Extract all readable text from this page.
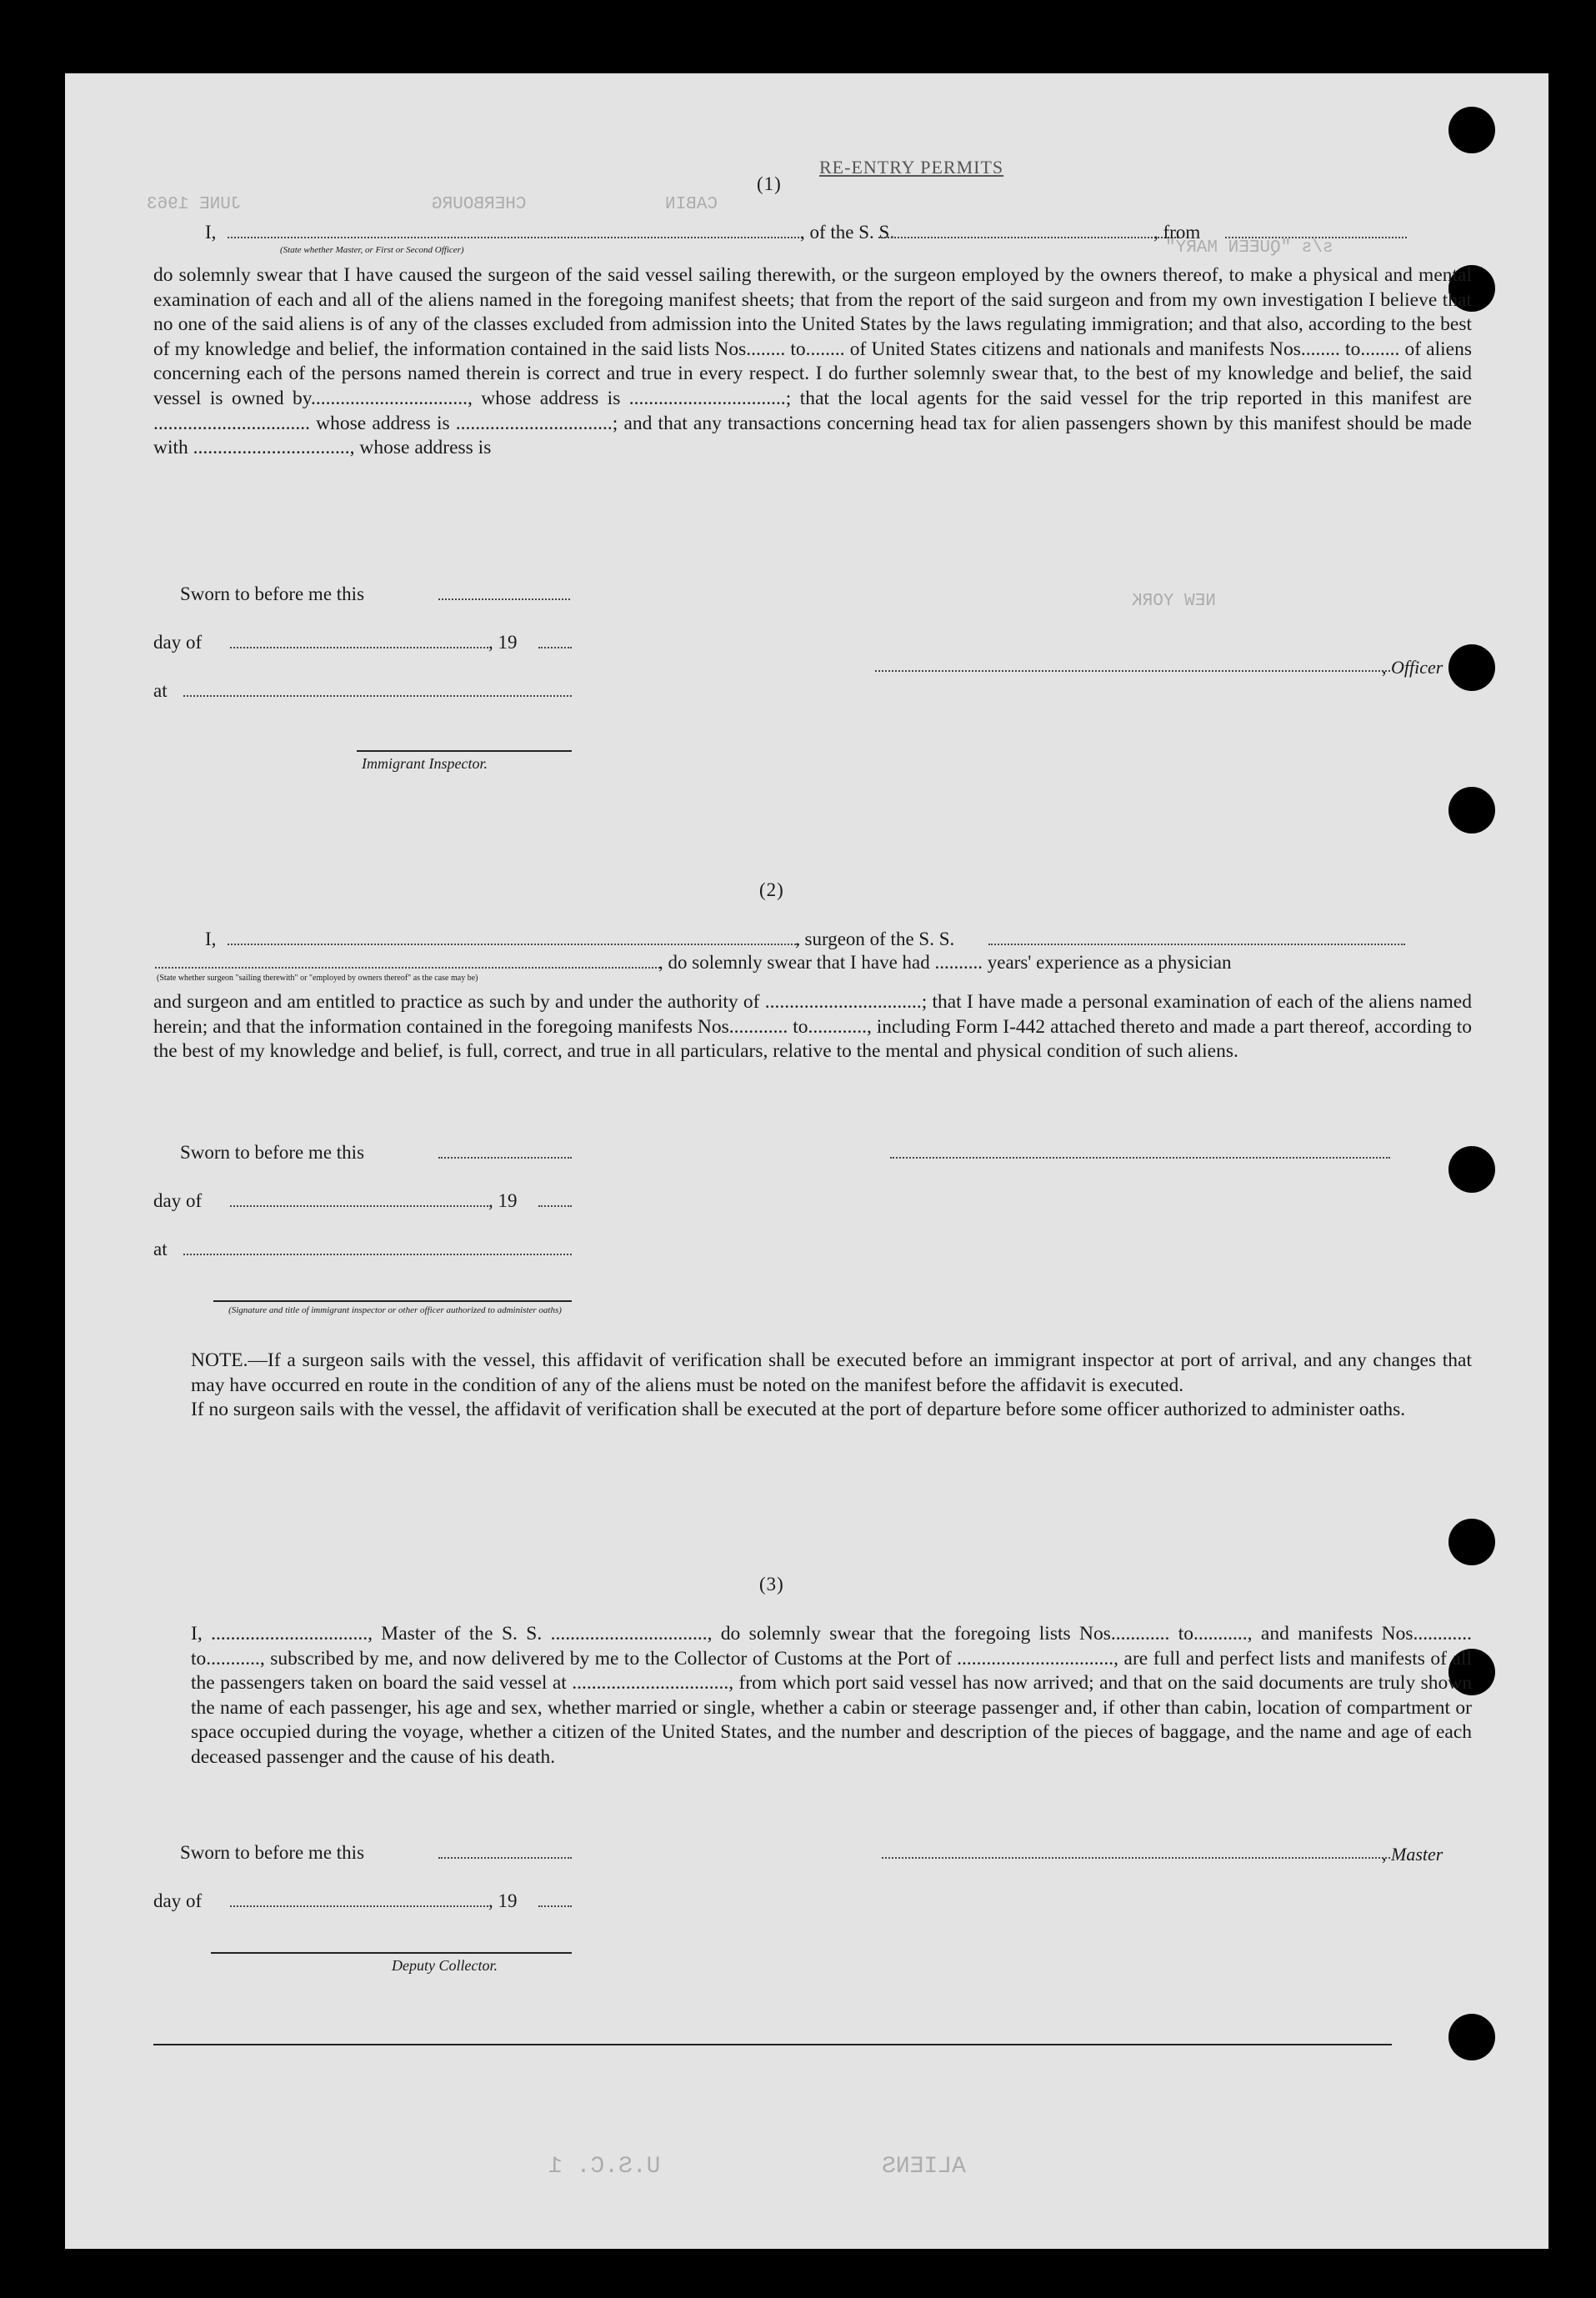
CABIN
CHERBOURG
JUNE 1963
s/s "QUEEN MARY"
NEW YORK
U.S.C. 1	ALIENS
(1)
RE-ENTRY PERMITS
I,	, of the S. S.	, from
(State whether Master, or First or Second Officer)
do solemnly swear that I have caused the surgeon of the said vessel sailing therewith, or the surgeon employed by the owners thereof, to make a physical and mental examination of each and all of the aliens named in the foregoing manifest sheets; that from the report of the said surgeon and from my own investigation I believe that no one of the said aliens is of any of the classes excluded from admission into the United States by the laws regulating immigration; and that also, according to the best of my knowledge and belief, the information contained in the said lists Nos........ to........ of United States citizens and nationals and manifests Nos........ to........ of aliens concerning each of the persons named therein is correct and true in every respect. I do further solemnly swear that, to the best of my knowledge and belief, the said vessel is owned by................................, whose address is ................................; that the local agents for the said vessel for the trip reported in this manifest are ................................ whose address is ................................; and that any transactions concerning head tax for alien passengers shown by this manifest should be made with ................................, whose address is
Sworn to before me this
day of	, 19
at
, Officer
Immigrant Inspector.
(2)
I,	, surgeon of the S. S.
, do solemnly swear that I have had .......... years' experience as a physician
(State whether surgeon "sailing therewith" or "employed by owners thereof" as the case may be)
and surgeon and am entitled to practice as such by and under the authority of ................................; that I have made a personal examination of each of the aliens named herein; and that the information contained in the foregoing manifests Nos............ to............, including Form I-442 attached thereto and made a part thereof, according to the best of my knowledge and belief, is full, correct, and true in all particulars, relative to the mental and physical condition of such aliens.
Sworn to before me this
day of	, 19
at
(Signature and title of immigrant inspector or other officer authorized to administer oaths)

NOTE.—If a surgeon sails with the vessel, this affidavit of verification shall be executed before an immigrant inspector at port of arrival, and any changes that may have occurred en route in the condition of any of the aliens must be noted on the manifest before the affidavit is executed.

If no surgeon sails with the vessel, the affidavit of verification shall be executed at the port of departure before some officer authorized to administer oaths.

(3)

I, ................................, Master of the S. S. ................................, do solemnly swear that the foregoing lists Nos............ to..........., and manifests Nos............ to..........., subscribed by me, and now delivered by me to the Collector of Customs at the Port of ................................, are full and perfect lists and manifests of all the passengers taken on board the said vessel at ................................, from which port said vessel has now arrived; and that on the said documents are truly shown the name of each passenger, his age and sex, whether married or single, whether a cabin or steerage passenger and, if other than cabin, location of compartment or space occupied during the voyage, whether a citizen of the United States, and the number and description of the pieces of baggage, and the name and age of each deceased passenger and the cause of his death.

Sworn to before me this	, Master
day of	, 19
Deputy Collector.
